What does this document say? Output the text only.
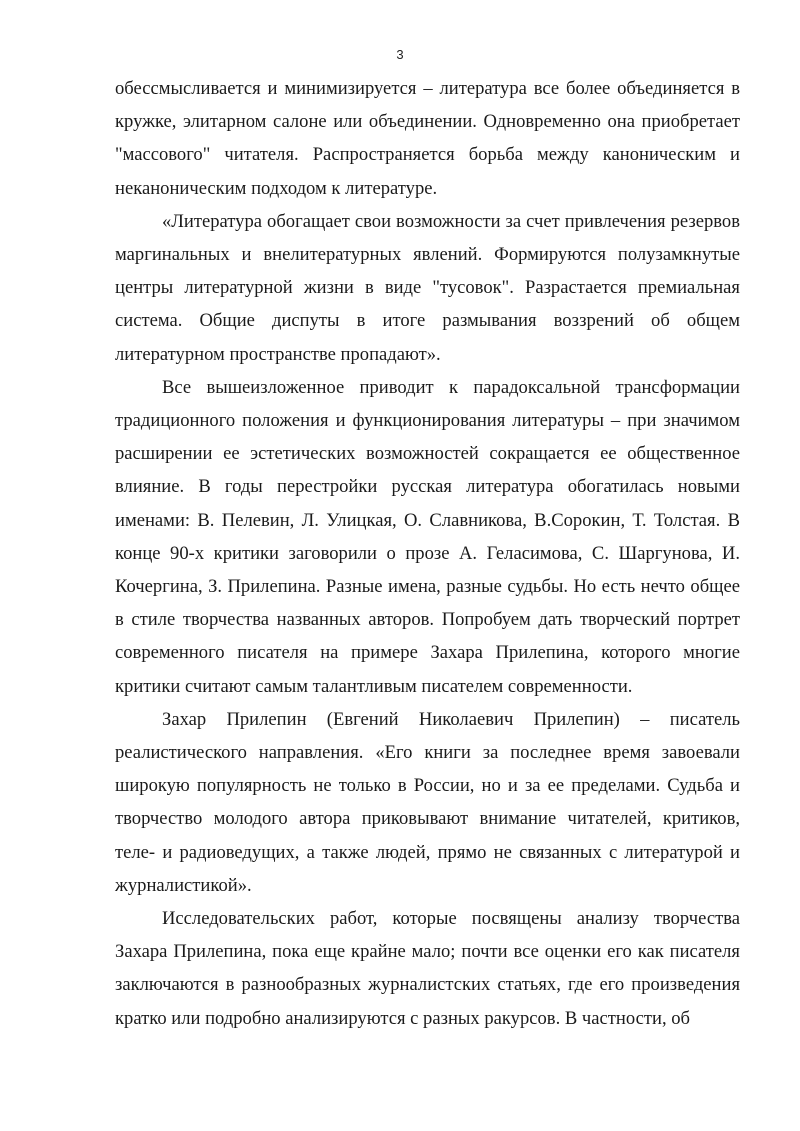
3

обессмысливается и минимизируется – литература все более объединяется в кружке, элитарном салоне или объединении. Одновременно она приобретает "массового" читателя. Распространяется борьба между каноническим и неканоническим подходом к литературе.

«Литература обогащает свои возможности за счет привлечения резервов маргинальных и внелитературных явлений. Формируются полузамкнутые центры литературной жизни в виде "тусовок". Разрастается премиальная система. Общие диспуты в итоге размывания воззрений об общем литературном пространстве пропадают».

Все вышеизложенное приводит к парадоксальной трансформации традиционного положения и функционирования литературы – при значимом расширении ее эстетических возможностей сокращается ее общественное влияние. В годы перестройки русская литература обогатилась новыми именами: В. Пелевин, Л. Улицкая, О. Славникова, В.Сорокин, Т. Толстая. В конце 90-х критики заговорили о прозе А. Геласимова, С. Шаргунова, И. Кочергина, З. Прилепина. Разные имена, разные судьбы. Но есть нечто общее в стиле творчества названных авторов. Попробуем дать творческий портрет современного писателя на примере Захара Прилепина, которого многие критики считают самым талантливым писателем современности.

Захар Прилепин (Евгений Николаевич Прилепин) – писатель реалистического направления. «Его книги за последнее время завоевали широкую популярность не только в России, но и за ее пределами. Судьба и творчество молодого автора приковывают внимание читателей, критиков, теле- и радиоведущих, а также людей, прямо не связанных с литературой и журналистикой».

Исследовательских работ, которые посвящены анализу творчества Захара Прилепина, пока еще крайне мало; почти все оценки его как писателя заключаются в разнообразных журналистских статьях, где его произведения кратко или подробно анализируются с разных ракурсов. В частности, об
